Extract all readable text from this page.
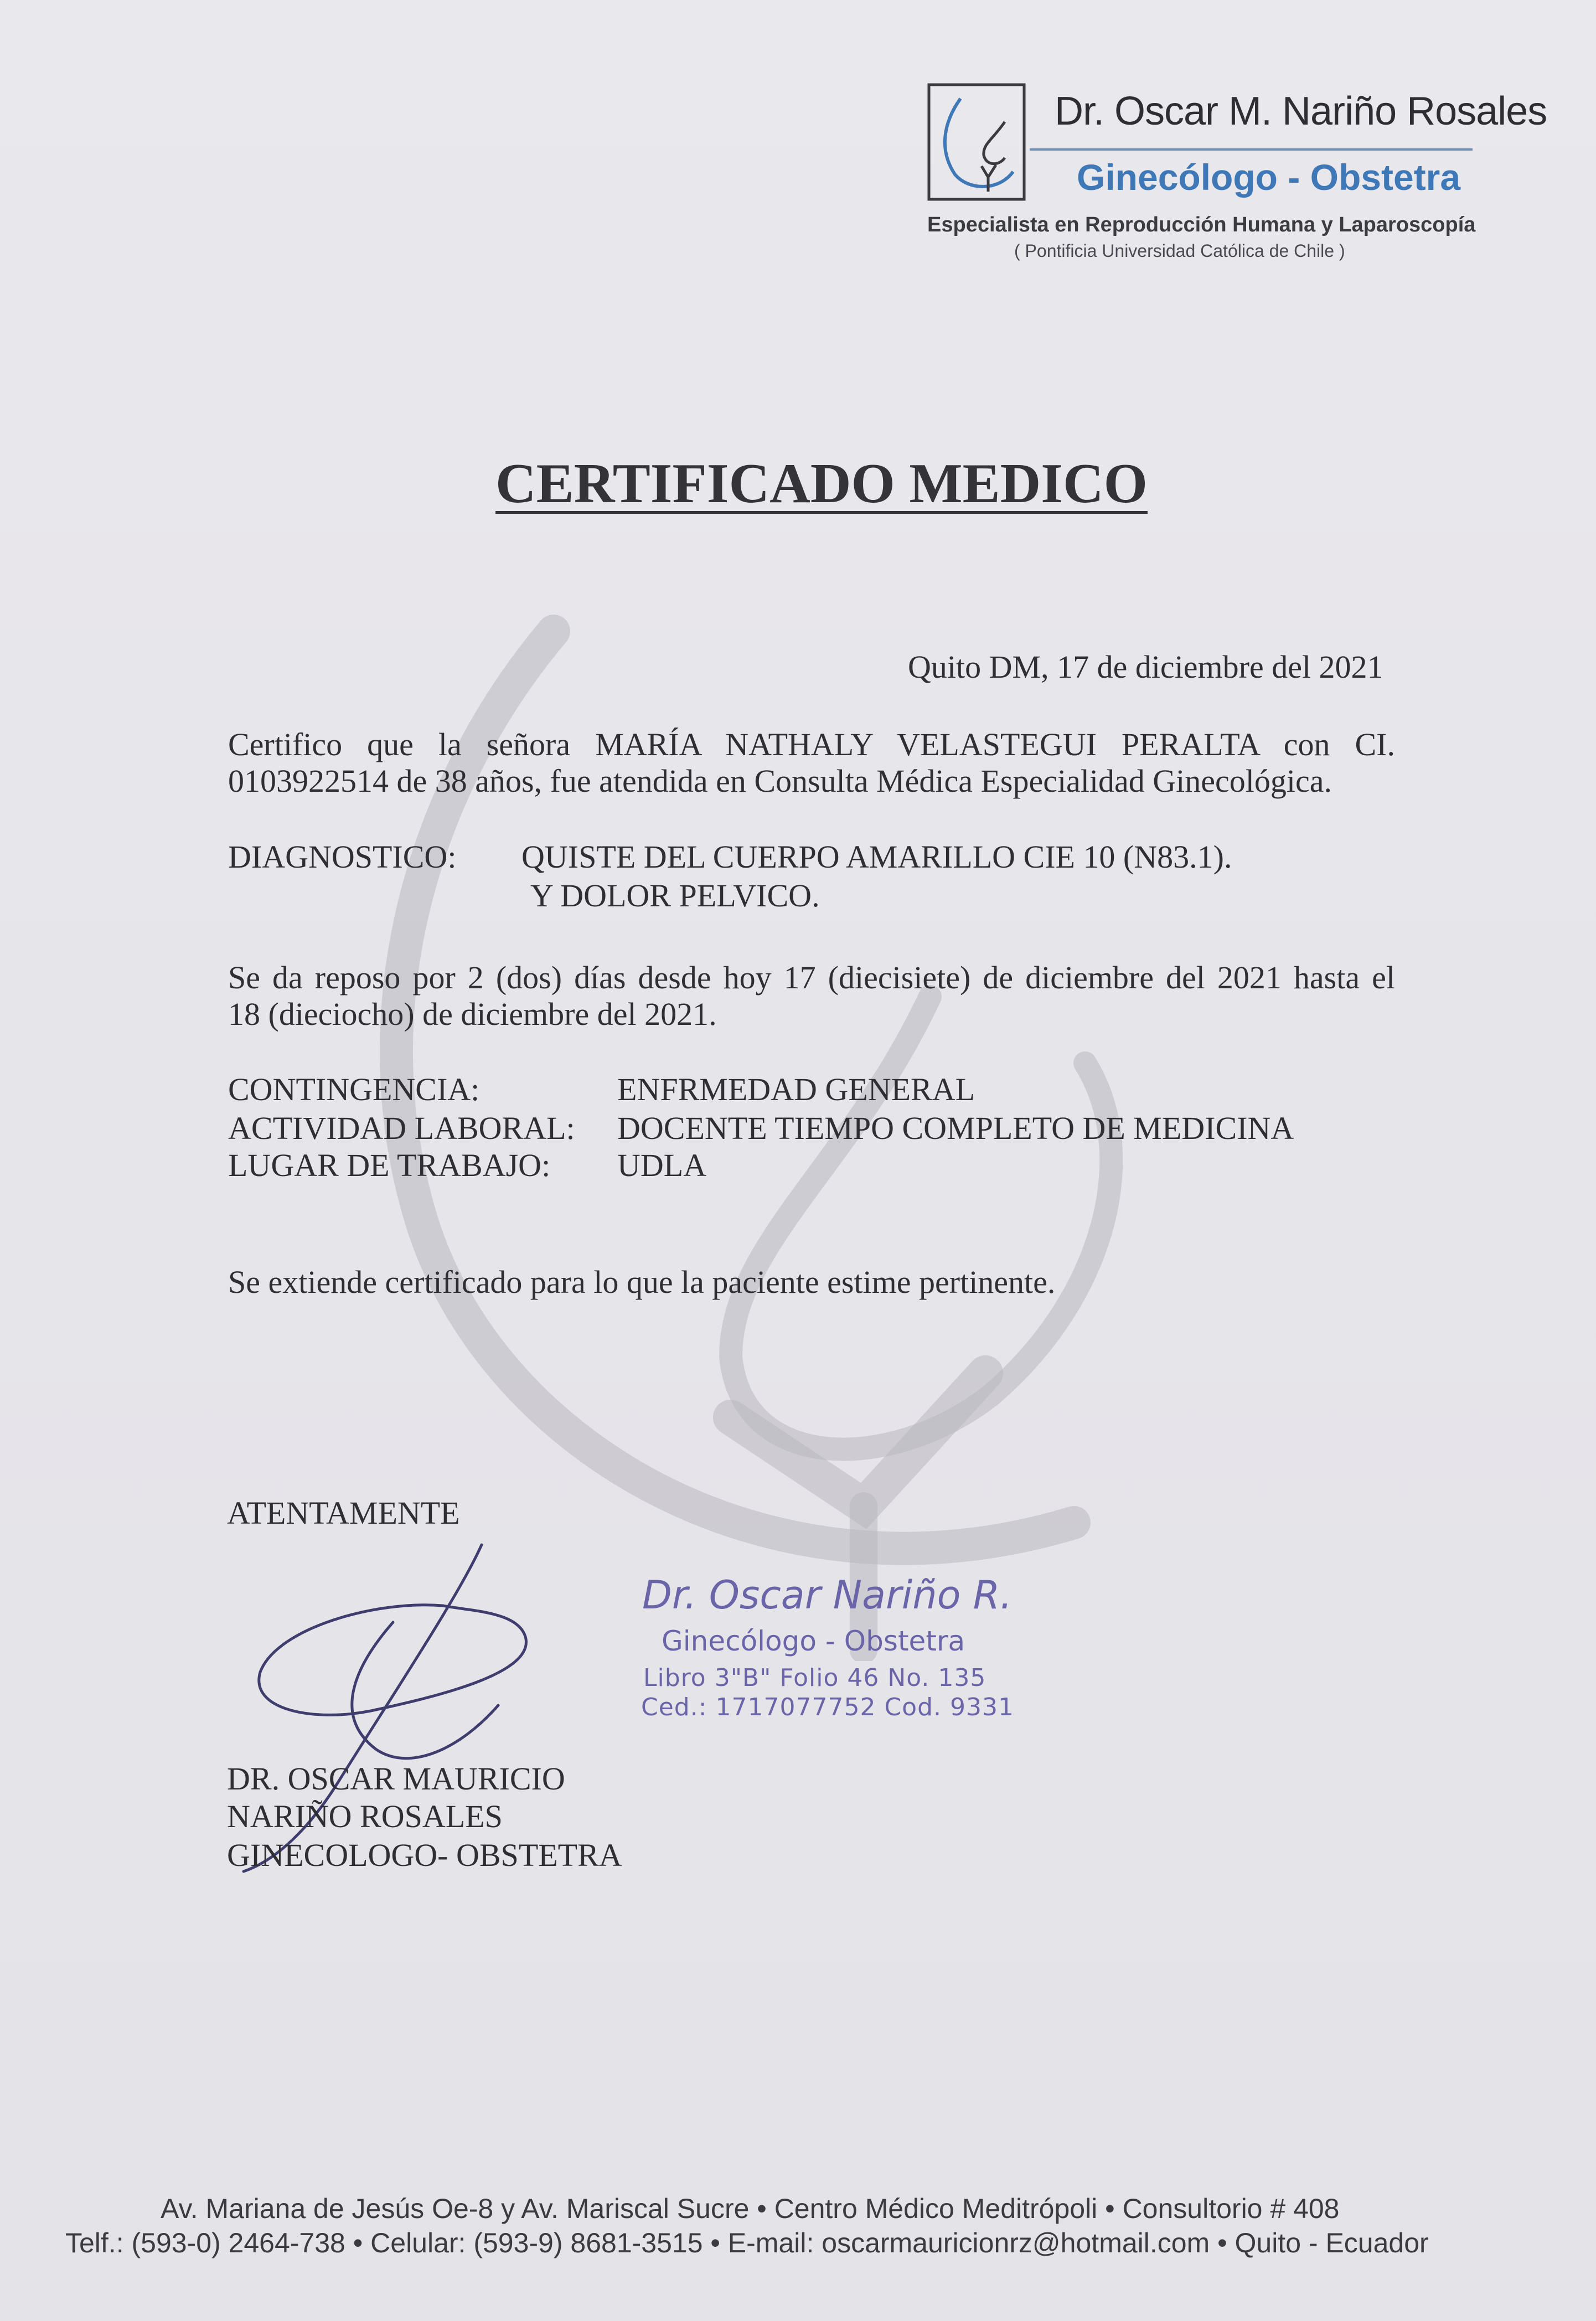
Dr. Oscar M. Nariño Rosales
Ginecólogo - Obstetra
Especialista en Reproducción Humana y Laparoscopía
( Pontificia Universidad Católica de Chile )
CERTIFICADO MEDICO
Quito DM, 17 de diciembre del 2021
Certifico que la señora MARÍA NATHALY VELASTEGUI PERALTA con CI.
0103922514 de 38 años, fue atendida en Consulta Médica Especialidad Ginecológica.
DIAGNOSTICO: QUISTE DEL CUERPO AMARILLO CIE 10 (N83.1).
Y DOLOR PELVICO.
Se da reposo por 2 (dos) días desde hoy 17 (diecisiete) de diciembre del 2021 hasta el
18 (dieciocho) de diciembre del 2021.
CONTINGENCIA:	ENFRMEDAD GENERAL
ACTIVIDAD LABORAL: DOCENTE TIEMPO COMPLETO DE MEDICINA
LUGAR DE TRABAJO: UDLA
Se extiende certificado para lo que la paciente estime pertinente.
ATENTAMENTE
Dr. Oscar Nariño R.
Ginecólogo - Obstetra
Libro 3"B" Folio 46 No. 135
Ced.: 1717077752 Cod. 9331
DR. OSCAR MAURICIO
NARIÑO ROSALES
GINECOLOGO- OBSTETRA
Av. Mariana de Jesús Oe-8 y Av. Mariscal Sucre • Centro Médico Meditrópoli • Consultorio # 408
Telf.: (593-0) 2464-738 • Celular: (593-9) 8681-3515 • E-mail: oscarmauricionrz@hotmail.com • Quito - Ecuador
